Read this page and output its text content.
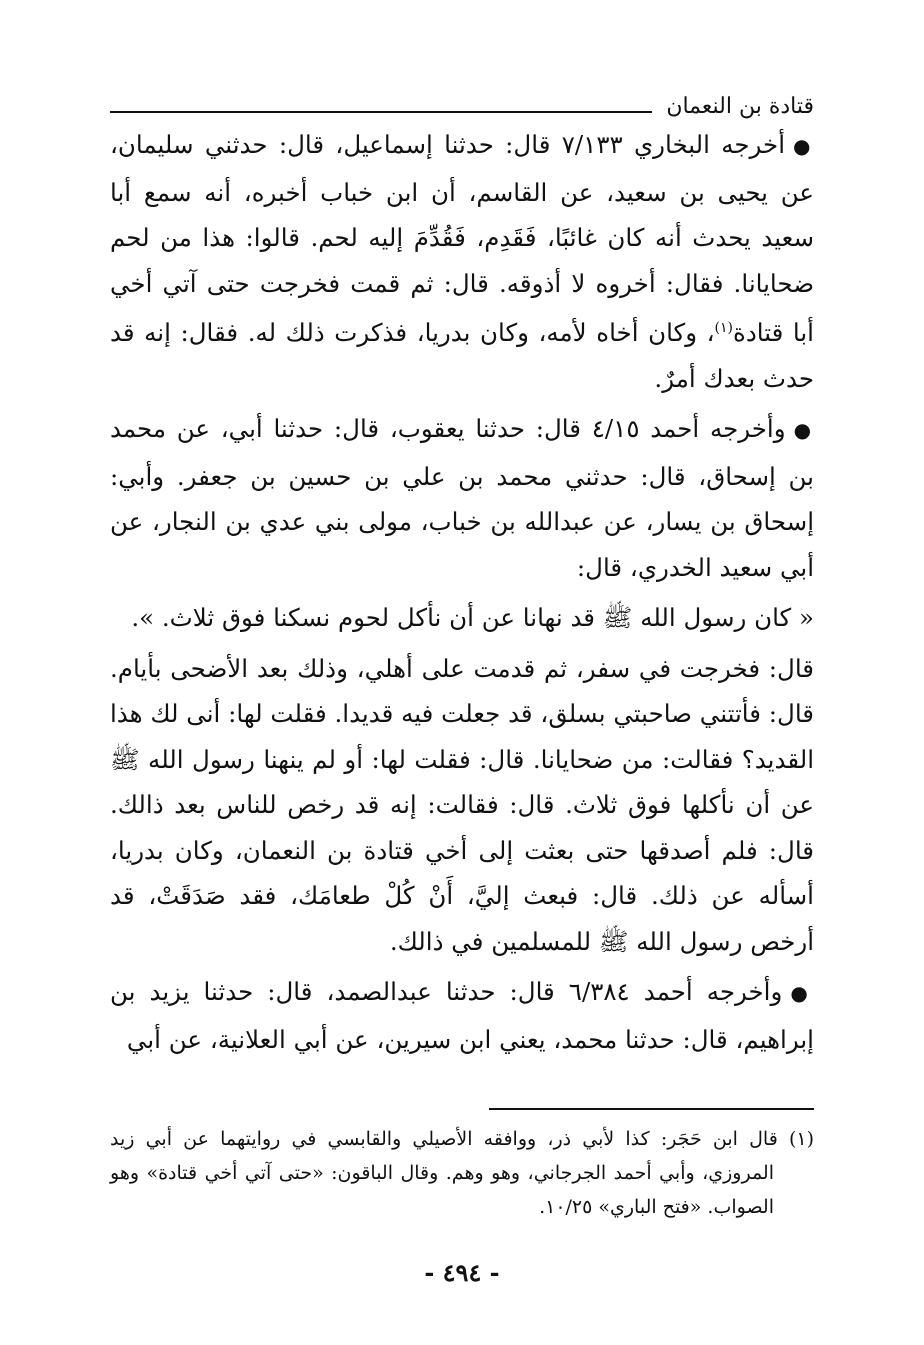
قتادة بن النعمان

●أخرجه البخاري ٧/١٣٣ قال: حدثنا إسماعيل، قال: حدثني سليمان، عن يحيى بن سعيد، عن القاسم، أن ابن خباب أخبره، أنه سمع أبا سعيد يحدث أنه كان غائبًا، فَقَدِم، فَقُدِّمَ إليه لحم. قالوا: هذا من لحم ضحايانا. فقال: أخروه لا أذوقه. قال: ثم قمت فخرجت حتى آتي أخي أبا قتادة$^{(١)}$، وكان أخاه لأمه، وكان بدريا، فذكرت ذلك له. فقال: إنه قد حدث بعدك أمرٌ.

●وأخرجه أحمد ٤/١٥ قال: حدثنا يعقوب، قال: حدثنا أبي، عن محمد بن إسحاق، قال: حدثني محمد بن علي بن حسين بن جعفر. وأبي: إسحاق بن يسار، عن عبدالله بن خباب، مولى بني عدي بن النجار، عن أبي سعيد الخدري، قال:

« كان رسول الله ﷺ قد نهانا عن أن نأكل لحوم نسكنا فوق ثلاث. ».

قال: فخرجت في سفر، ثم قدمت على أهلي، وذلك بعد الأضحى بأيام. قال: فأتتني صاحبتي بسلق، قد جعلت فيه قديدا. فقلت لها: أنى لك هذا القديد؟ فقالت: من ضحايانا. قال: فقلت لها: أو لم ينهنا رسول الله ﷺ عن أن نأكلها فوق ثلاث. قال: فقالت: إنه قد رخص للناس بعد ذالك. قال: فلم أصدقها حتى بعثت إلى أخي قتادة بن النعمان، وكان بدريا، أسأله عن ذلك. قال: فبعث إليَّ، أَنْ كُلْ طعامَك، فقد صَدَقَتْ، قد أرخص رسول الله ﷺ للمسلمين في ذالك.

●وأخرجه أحمد ٦/٣٨٤ قال: حدثنا عبدالصمد، قال: حدثنا يزيد بن إبراهيم، قال: حدثنا محمد، يعني ابن سيرين، عن أبي العلانية، عن أبي

(١) قال ابن حَجَر: كذا لأبي ذر، ووافقه الأصيلي والقابسي في روايتهما عن أبي زيد المروزي، وأبي أحمد الجرجاني، وهو وهم. وقال الباقون: «حتى آتي أخي قتادة» وهو الصواب. «فتح الباري» ١٠/٢٥.

- ٤٩٤ -
